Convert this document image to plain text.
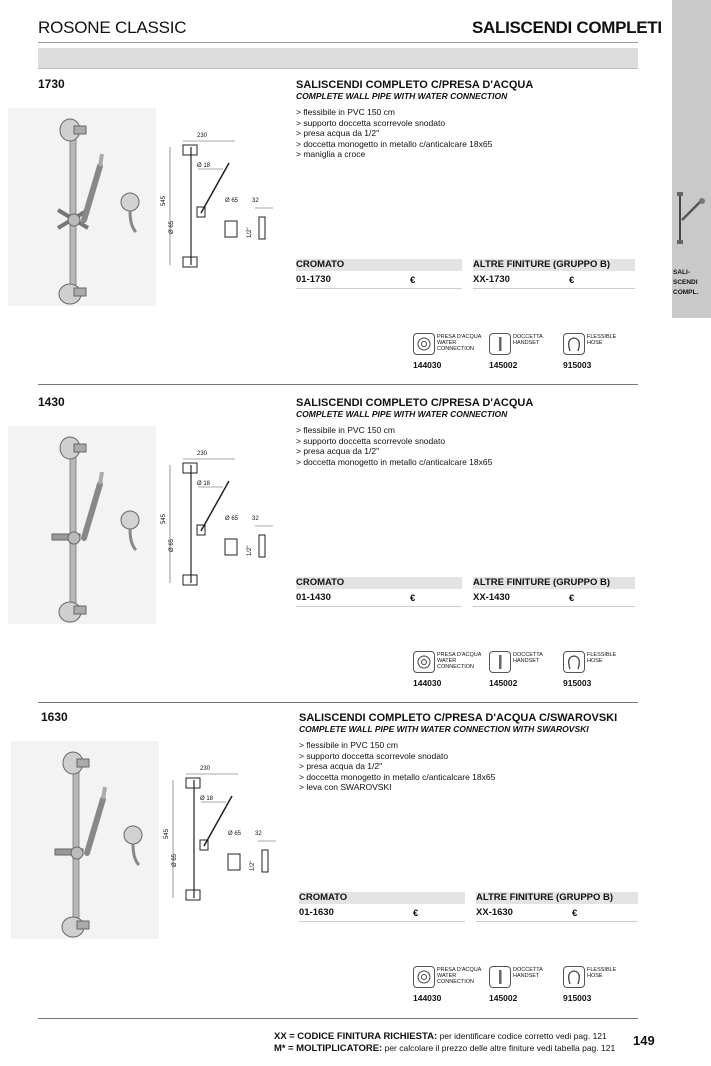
ROSONE CLASSIC	SALISCENDI COMPLETI
SALI-
SCENDI
COMPL.
1730
230
Ø 18
Ø 65 32
545
Ø 65	1/2"
SALISCENDI COMPLETO C/PRESA D'ACQUA
COMPLETE WALL PIPE WITH WATER CONNECTION
> flessibile in PVC 150 cm
> supporto doccetta scorrevole snodato
> presa acqua da 1/2"
> doccetta monogetto in metallo c/anticalcare 18x65
> maniglia a croce
CROMATO	ALTRE FINITURE (GRUPPO B)
01-1730	€	XX-1730	€
PRESA D'ACQUA
WATER
CONNECTION
144030
DOCCETTA
HANDSET
145002
FLESSIBLE
HOSE
915003
1430
230
Ø 18
Ø 65 32
545
Ø 65	1/2"
SALISCENDI COMPLETO C/PRESA D'ACQUA
COMPLETE WALL PIPE WITH WATER CONNECTION
> flessibile in PVC 150 cm
> supporto doccetta scorrevole snodato
> presa acqua da 1/2"
> doccetta monogetto in metallo c/anticalcare 18x65
CROMATO	ALTRE FINITURE (GRUPPO B)
01-1430	€	XX-1430	€
PRESA D'ACQUA
WATER
CONNECTION
144030
DOCCETTA
HANDSET
145002
FLESSIBLE
HOSE
915003
1630
230
Ø 18
Ø 65 32
545
Ø 65	1/2"
SALISCENDI COMPLETO C/PRESA D'ACQUA C/SWAROVSKI
COMPLETE WALL PIPE WITH WATER CONNECTION WITH SWAROVSKI
> flessibile in PVC 150 cm
> supporto doccetta scorrevole snodato
> presa acqua da 1/2"
> doccetta monogetto in metallo c/anticalcare 18x65
> leva con SWAROVSKI
CROMATO	ALTRE FINITURE (GRUPPO B)
01-1630	€	XX-1630	€
PRESA D'ACQUA
WATER
CONNECTION
144030
DOCCETTA
HANDSET
145002
FLESSIBLE
HOSE
915003
XX = CODICE FINITURA RICHIESTA: per identificare codice corretto vedi pag. 121
M* = MOLTIPLICATORE: per calcolare il prezzo delle altre finiture vedi tabella pag. 121 149
